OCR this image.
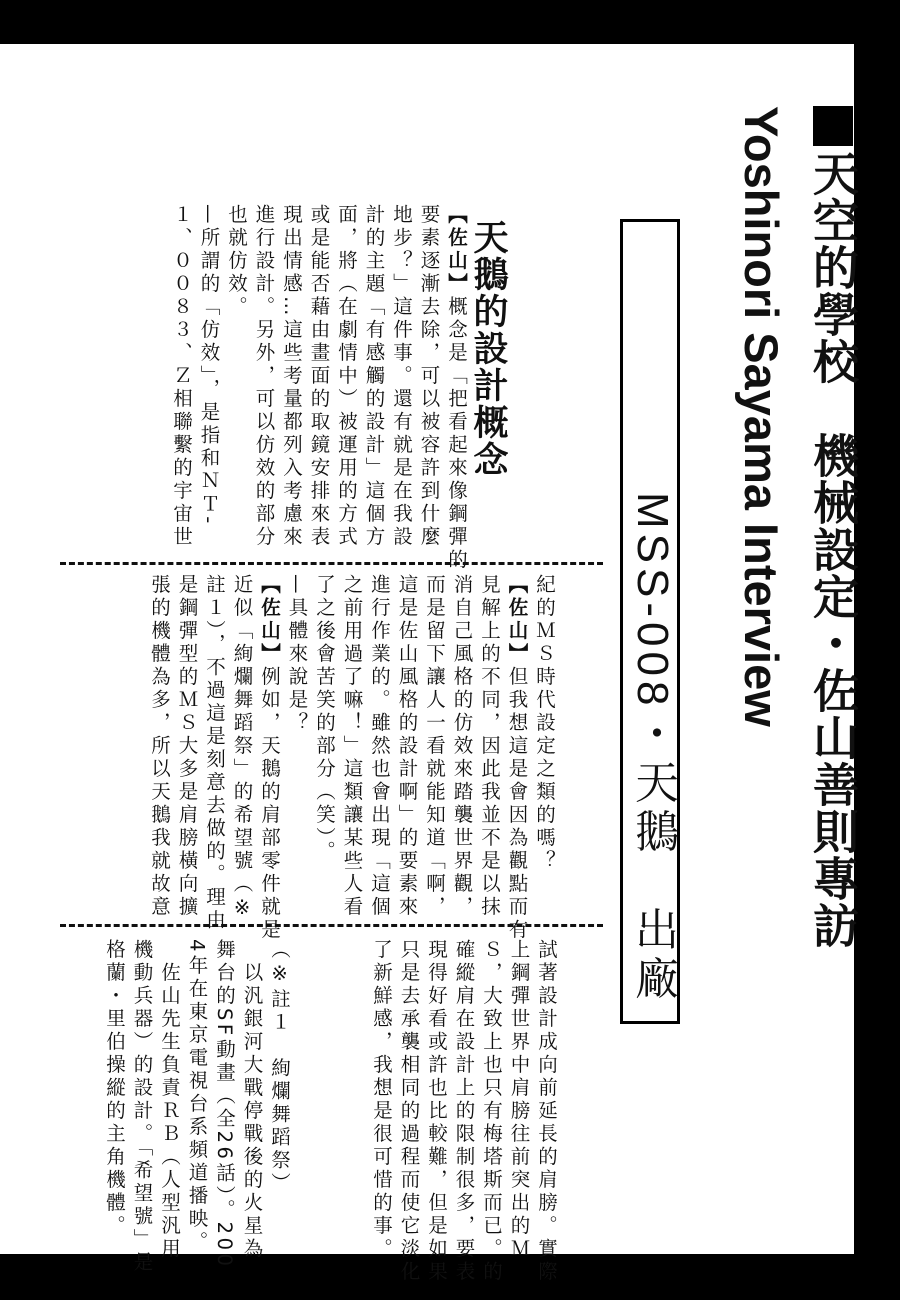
天空的學校　機械設定・佐山善則專訪
Yoshinori Sayama Interview
MSS-008・天鵝　出廠
天鵝的設計概念
【佐山】概念是「把看起來像鋼彈的
要素逐漸去除，可以被容許到什麼
地步？」這件事。還有就是在我設
計的主題「有感觸的設計」這個方
面，將（在劇情中）被運用的方式
或是能否藉由畫面的取鏡安排來表
現出情感…這些考量都列入考慮來
進行設計。另外，可以仿效的部分
也就仿效。
—所謂的「仿效」，是指和ＮＴ-
１、００８３、Ｚ相聯繫的宇宙世
紀的ＭＳ時代設定之類的嗎？
【佐山】但我想這是會因為觀點而有
見解上的不同，因此我並不是以抹
消自己風格的仿效來踏襲世界觀，
而是留下讓人一看就能知道「啊，
這是佐山風格的設計啊」的要素來
進行作業的。雖然也會出現「這個
之前用過了嘛！」這類讓某些人看
了之後會苦笑的部分（笑）。
—具體來說是？
【佐山】例如，天鵝的肩部零件就是
近似「絢爛舞蹈祭」的希望號（※
註１），不過這是刻意去做的。理由
是鋼彈型的ＭＳ大多是肩膀橫向擴
張的機體為多，所以天鵝我就故意
試著設計成向前延長的肩膀。實際
上鋼彈世界中肩膀往前突出的Ｍ
Ｓ，大致上也只有梅塔斯而已。的
確縱肩在設計上的限制很多，要表
現得好看或許也比較難，但是如果
只是去承襲相同的過程而使它淡化
了新鮮感，我想是很可惜的事。
（※註１　絢爛舞蹈祭）
　以汎銀河大戰停戰後的火星為
舞台的SF動畫（全26話）。200
4年在東京電視台系頻道播映。
　佐山先生負責ＲＢ（人型汎用
機動兵器）的設計。「希望號」是
格蘭・里伯操縱的主角機體。
